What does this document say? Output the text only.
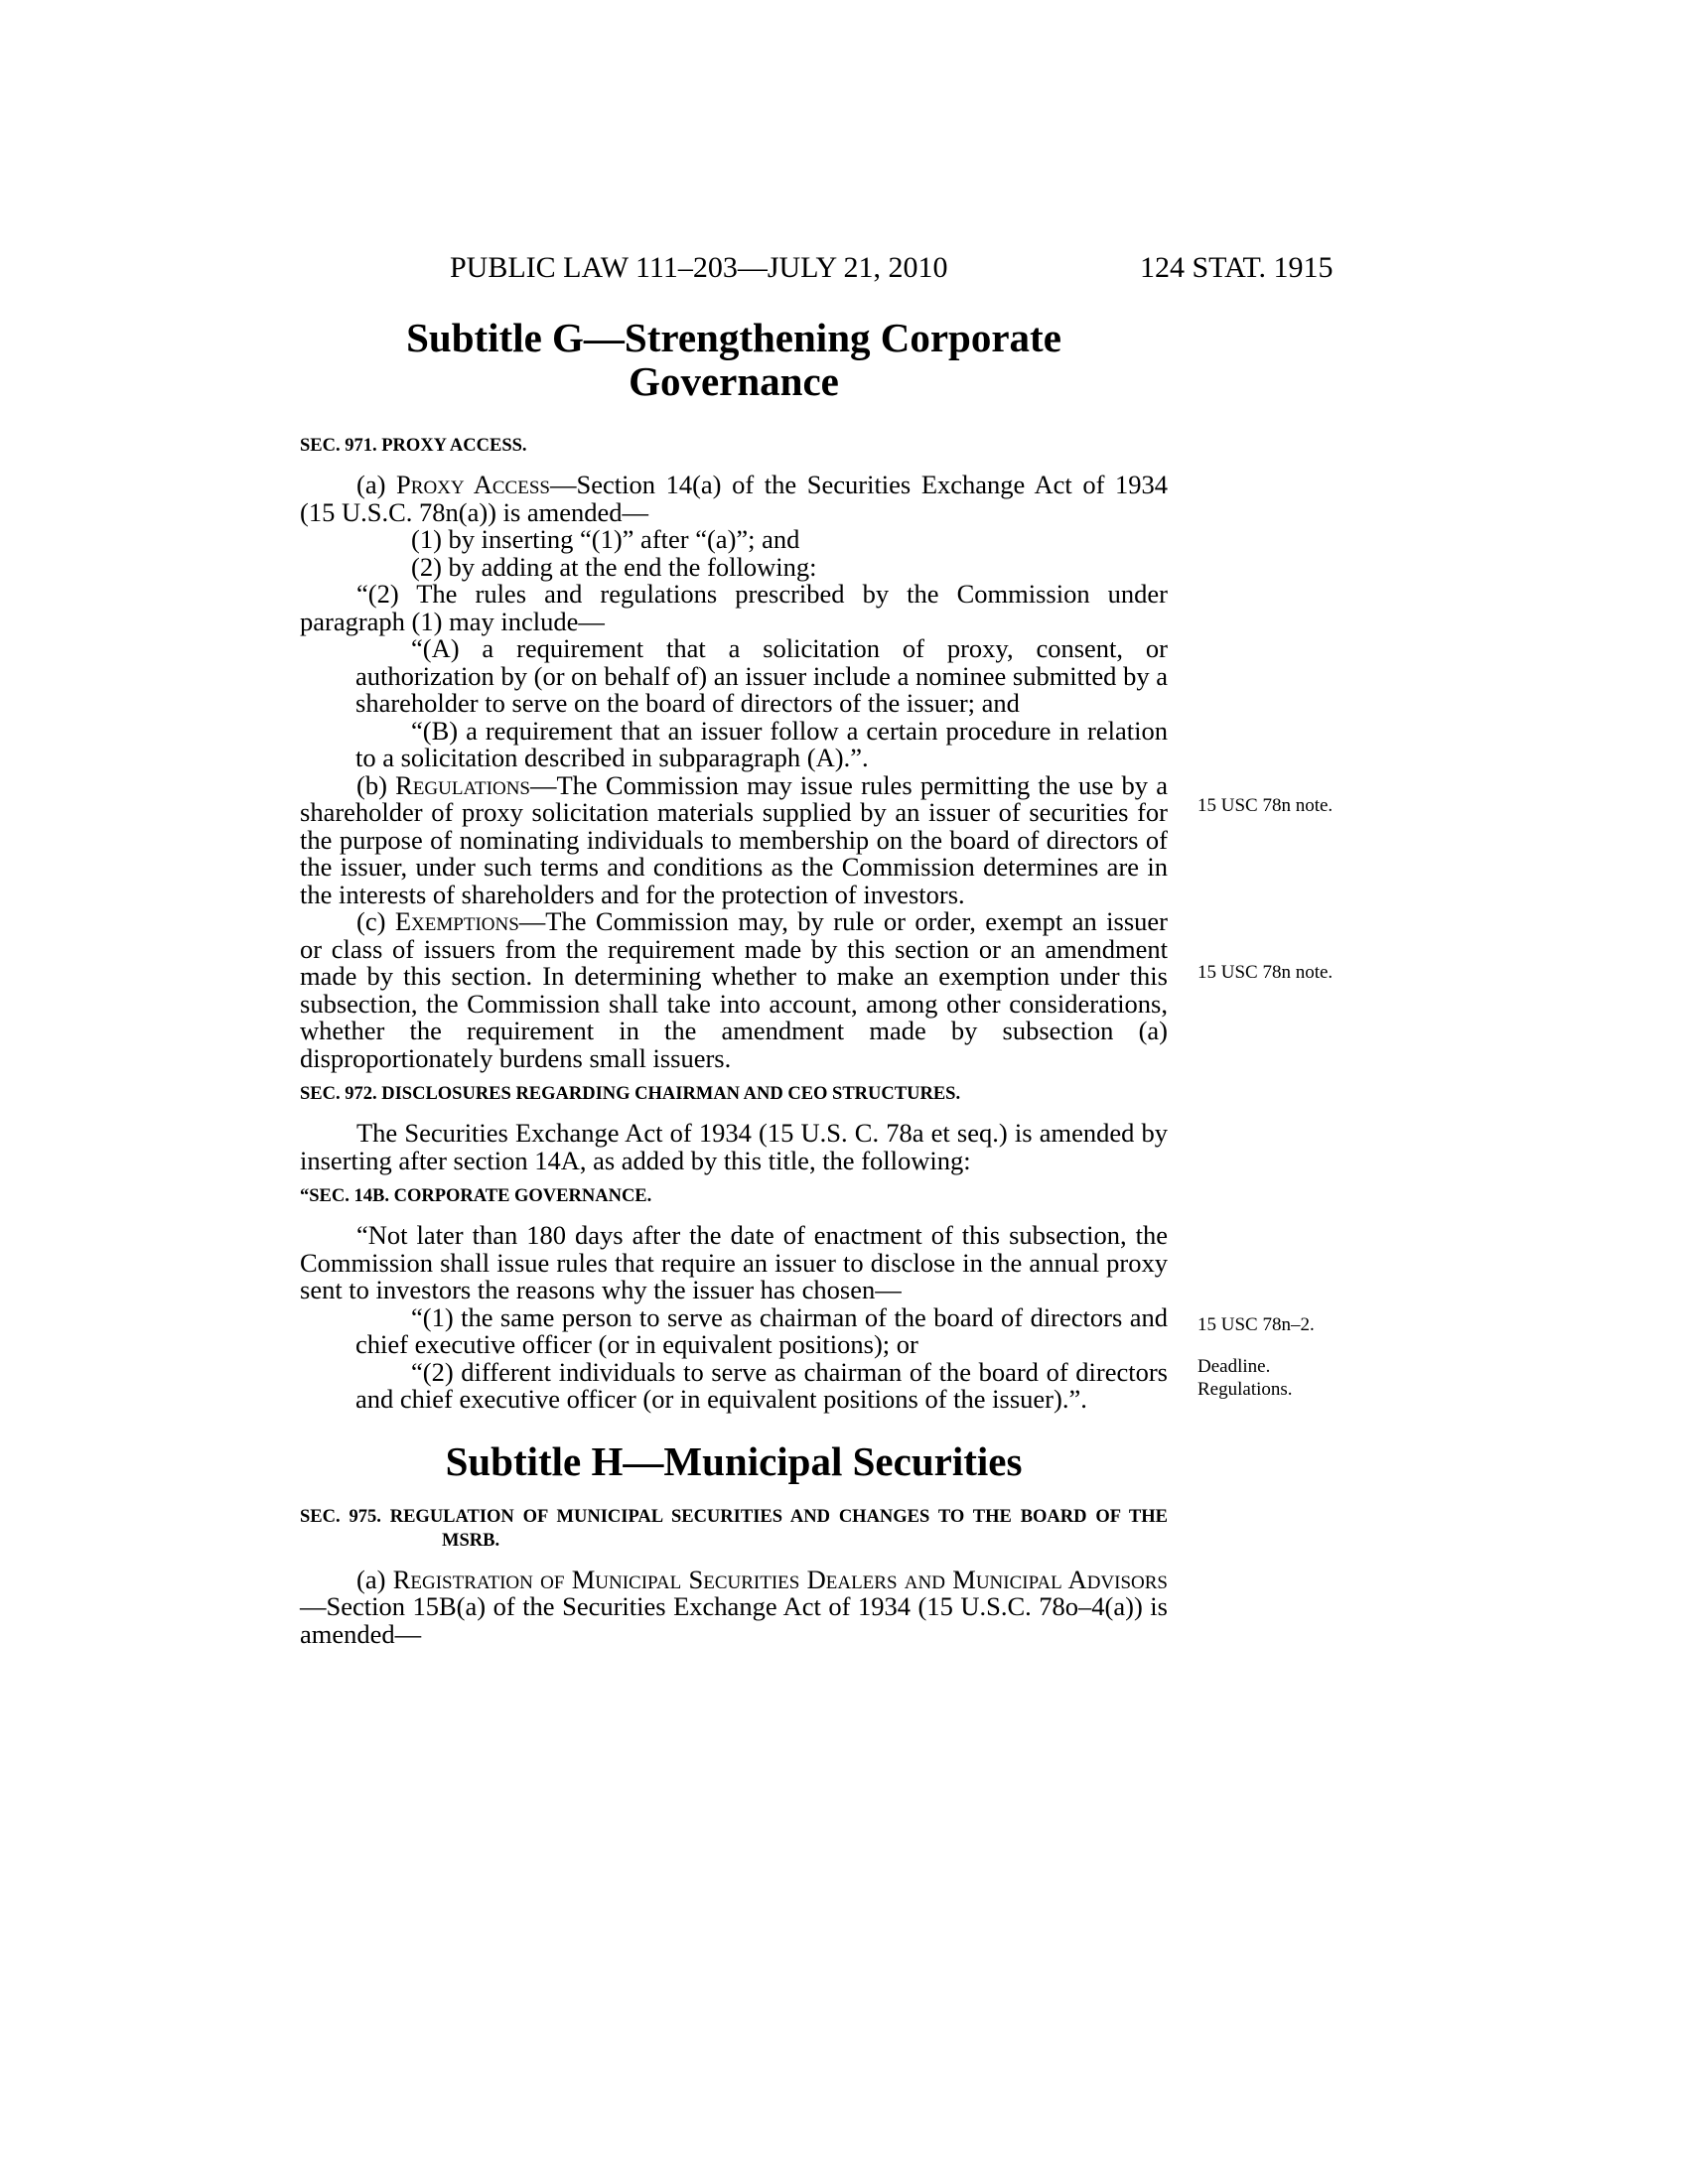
PUBLIC LAW 111–203—JULY 21, 2010	124 STAT. 1915
Subtitle G—Strengthening Corporate Governance
SEC. 971. PROXY ACCESS.

(a) Proxy Access—Section 14(a) of the Securities Exchange Act of 1934 (15 U.S.C. 78n(a)) is amended—

(1) by inserting “(1)” after “(a)”; and

(2) by adding at the end the following:

“(2) The rules and regulations prescribed by the Commission under paragraph (1) may include—

“(A) a requirement that a solicitation of proxy, consent, or authorization by (or on behalf of) an issuer include a nominee submitted by a shareholder to serve on the board of directors of the issuer; and

“(B) a requirement that an issuer follow a certain procedure in relation to a solicitation described in subparagraph (A).”.

(b) Regulations—The Commission may issue rules permitting the use by a shareholder of proxy solicitation materials supplied by an issuer of securities for the purpose of nominating individuals to membership on the board of directors of the issuer, under such terms and conditions as the Commission determines are in the interests of shareholders and for the protection of investors.

(c) Exemptions—The Commission may, by rule or order, exempt an issuer or class of issuers from the requirement made by this section or an amendment made by this section. In determining whether to make an exemption under this subsection, the Commission shall take into account, among other considerations, whether the requirement in the amendment made by subsection (a) disproportionately burdens small issuers.

SEC. 972. DISCLOSURES REGARDING CHAIRMAN AND CEO STRUCTURES.

The Securities Exchange Act of 1934 (15 U.S. C. 78a et seq.) is amended by inserting after section 14A, as added by this title, the following:

“SEC. 14B. CORPORATE GOVERNANCE.

“Not later than 180 days after the date of enactment of this subsection, the Commission shall issue rules that require an issuer to disclose in the annual proxy sent to investors the reasons why the issuer has chosen—

“(1) the same person to serve as chairman of the board of directors and chief executive officer (or in equivalent positions); or

“(2) different individuals to serve as chairman of the board of directors and chief executive officer (or in equivalent positions of the issuer).”.

Subtitle H—Municipal Securities
SEC. 975. REGULATION OF MUNICIPAL SECURITIES AND CHANGES TO THE BOARD OF THE MSRB.

(a) Registration of Municipal Securities Dealers and Municipal Advisors—Section 15B(a) of the Securities Exchange Act of 1934 (15 U.S.C. 78o–4(a)) is amended—

15 USC 78n note.
15 USC 78n note.
15 USC 78n–2.
Deadline.
Regulations.
